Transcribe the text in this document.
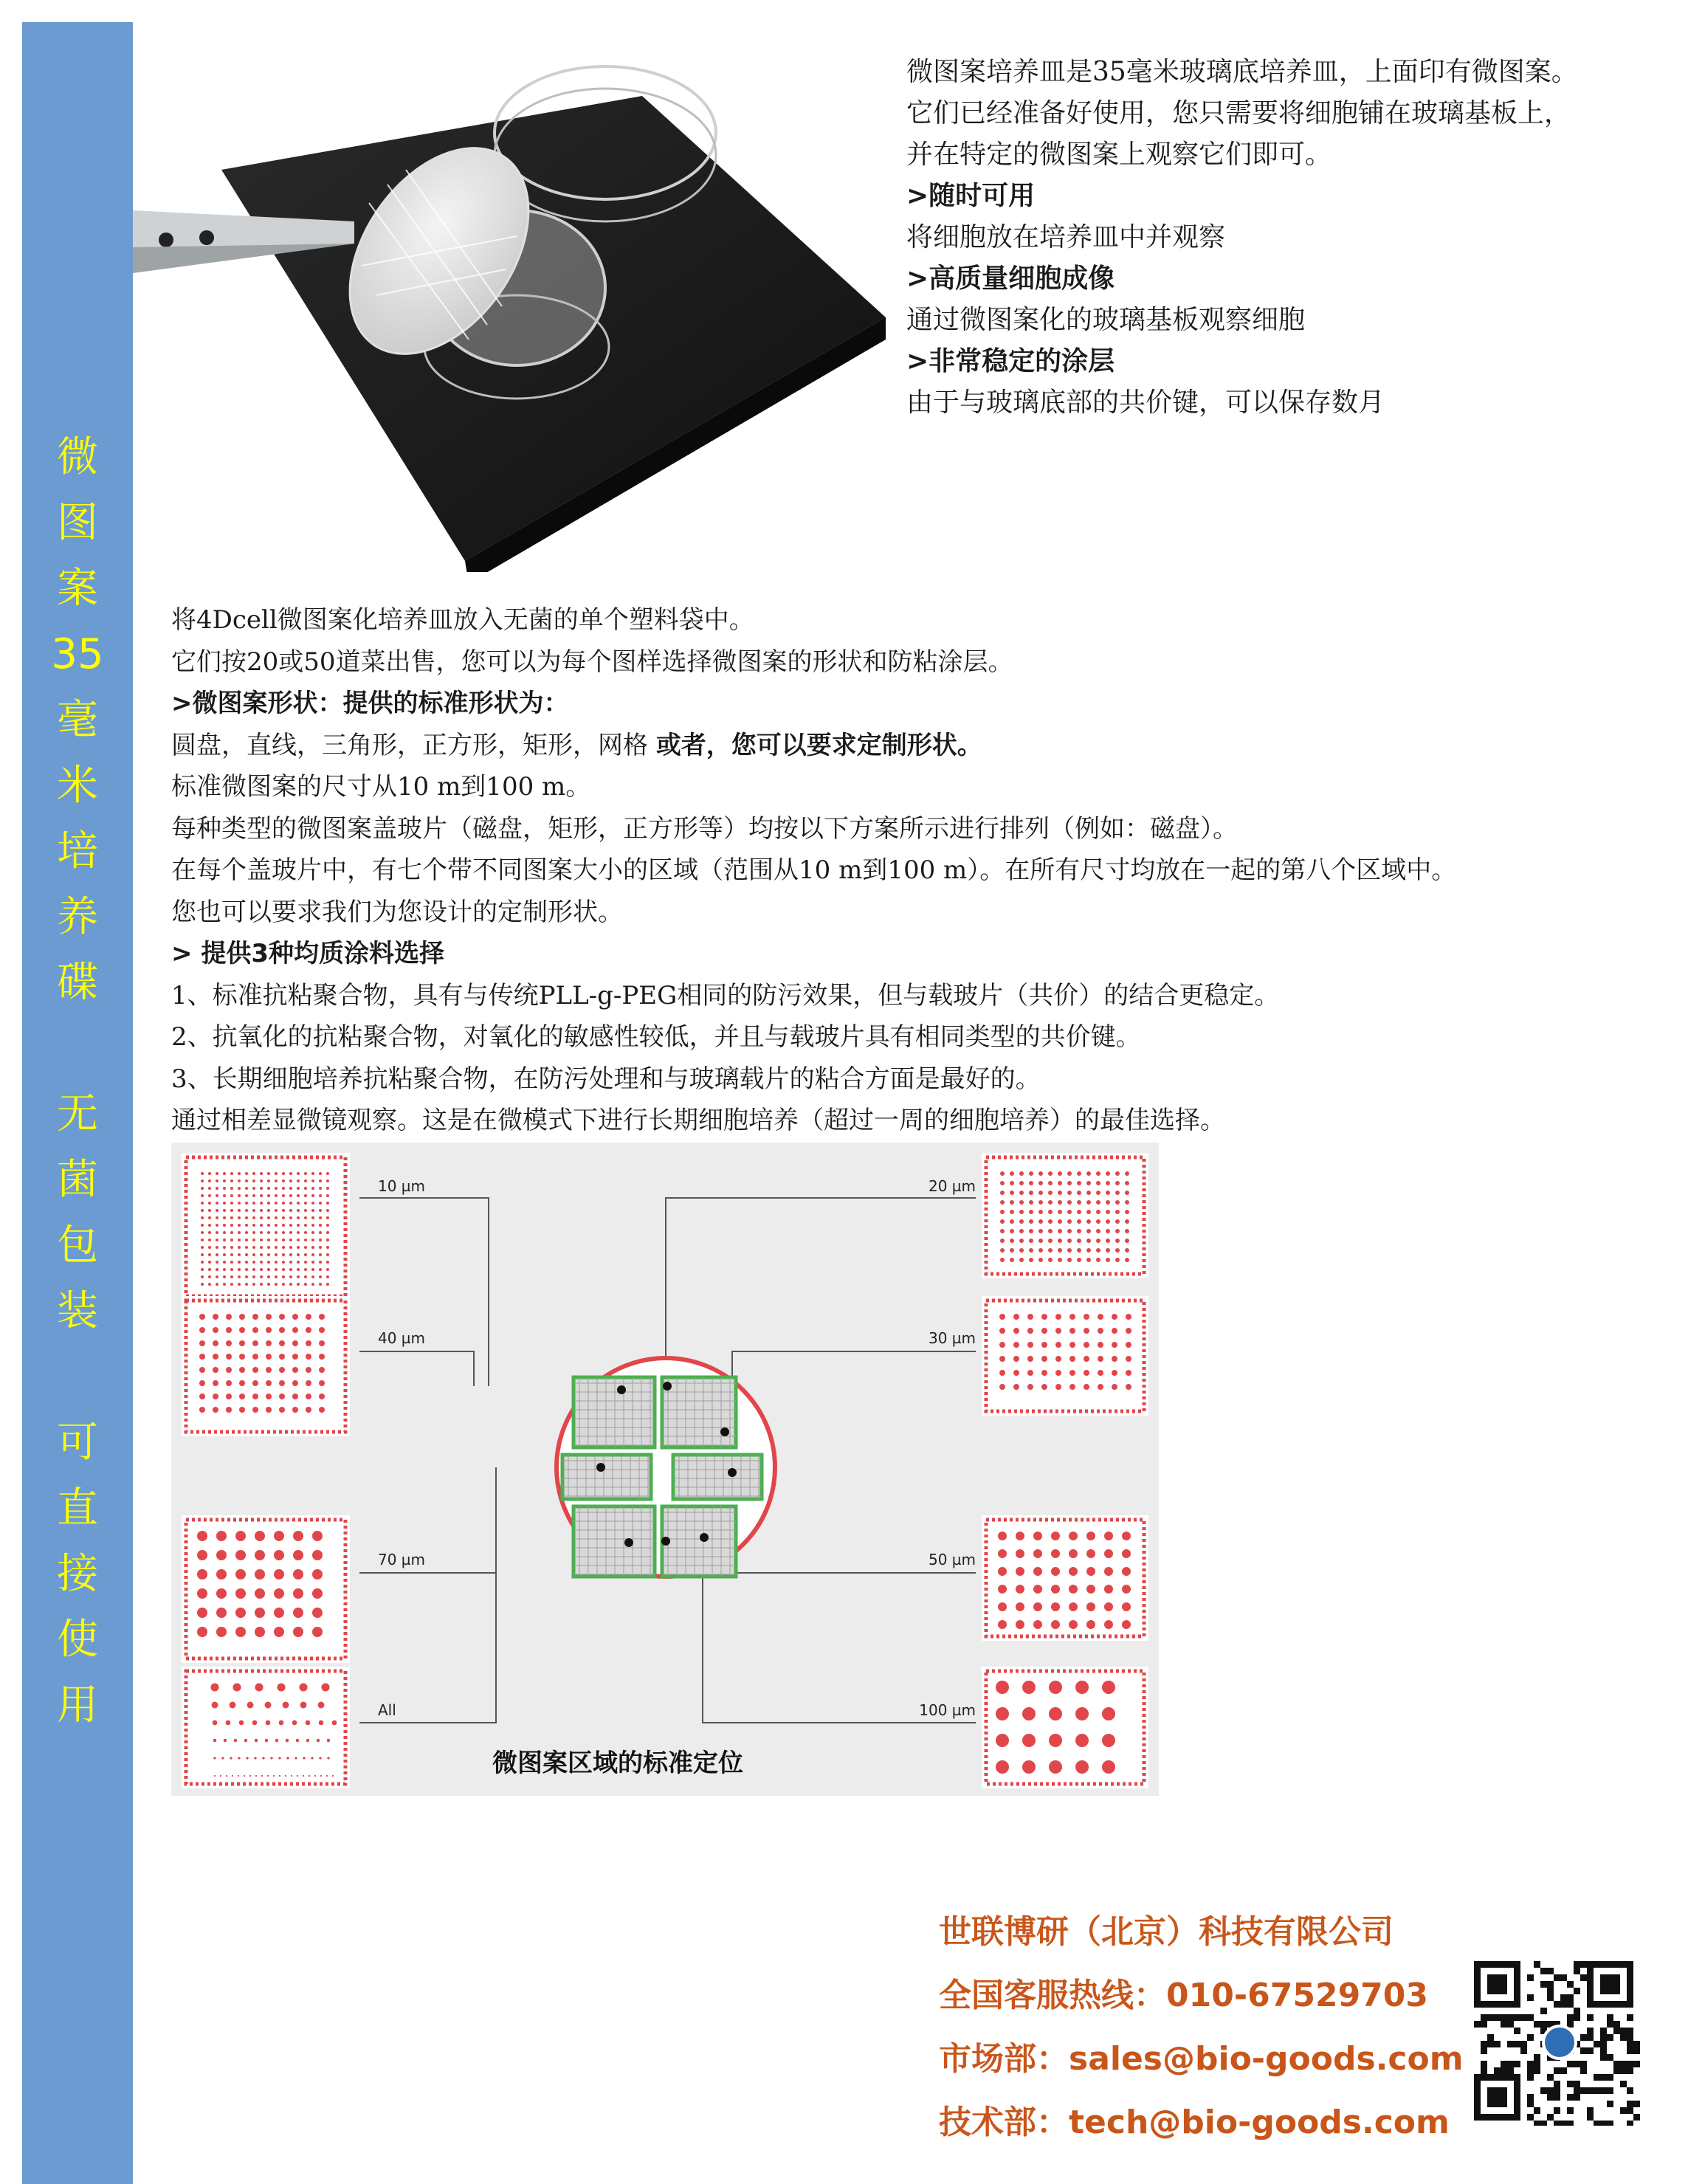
微
图
案
35
毫
米
培
养
碟
无
菌
包
装
可
直
接
使
用

微图案培养皿是35毫米玻璃底培养皿，上面印有微图案。

它们已经准备好使用，您只需要将细胞铺在玻璃基板上，

并在特定的微图案上观察它们即可。

>随时可用

将细胞放在培养皿中并观察

>高质量细胞成像

通过微图案化的玻璃基板观察细胞

>非常稳定的涂层

由于与玻璃底部的共价键，可以保存数月

将4Dcell微图案化培养皿放入无菌的单个塑料袋中。

它们按20或50道菜出售，您可以为每个图样选择微图案的形状和防粘涂层。

>微图案形状：提供的标准形状为：

圆盘，直线，三角形，正方形，矩形，网格 或者，您可以要求定制形状。

标准微图案的尺寸从10 m到100 m。

每种类型的微图案盖玻片（磁盘，矩形，正方形等）均按以下方案所示进行排列（例如：磁盘）。

在每个盖玻片中，有七个带不同图案大小的区域（范围从10 m到100 m）。在所有尺寸均放在一起的第八个区域中。

您也可以要求我们为您设计的定制形状。

> 提供3种均质涂料选择

1、标准抗粘聚合物，具有与传统PLL-g-PEG相同的防污效果，但与载玻片（共价）的结合更稳定。

2、抗氧化的抗粘聚合物，对氧化的敏感性较低，并且与载玻片具有相同类型的共价键。

3、长期细胞培养抗粘聚合物，在防污处理和与玻璃载片的粘合方面是最好的。

通过相差显微镜观察。这是在微模式下进行长期细胞培养（超过一周的细胞培养）的最佳选择。

10 µm
40 µm
70 µm
All
20 µm
30 µm
50 µm
100 µm
微图案区域的标准定位

世联博研（北京）科技有限公司

全国客服热线：010-67529703

市场部：sales@bio-goods.com

技术部：tech@bio-goods.com
